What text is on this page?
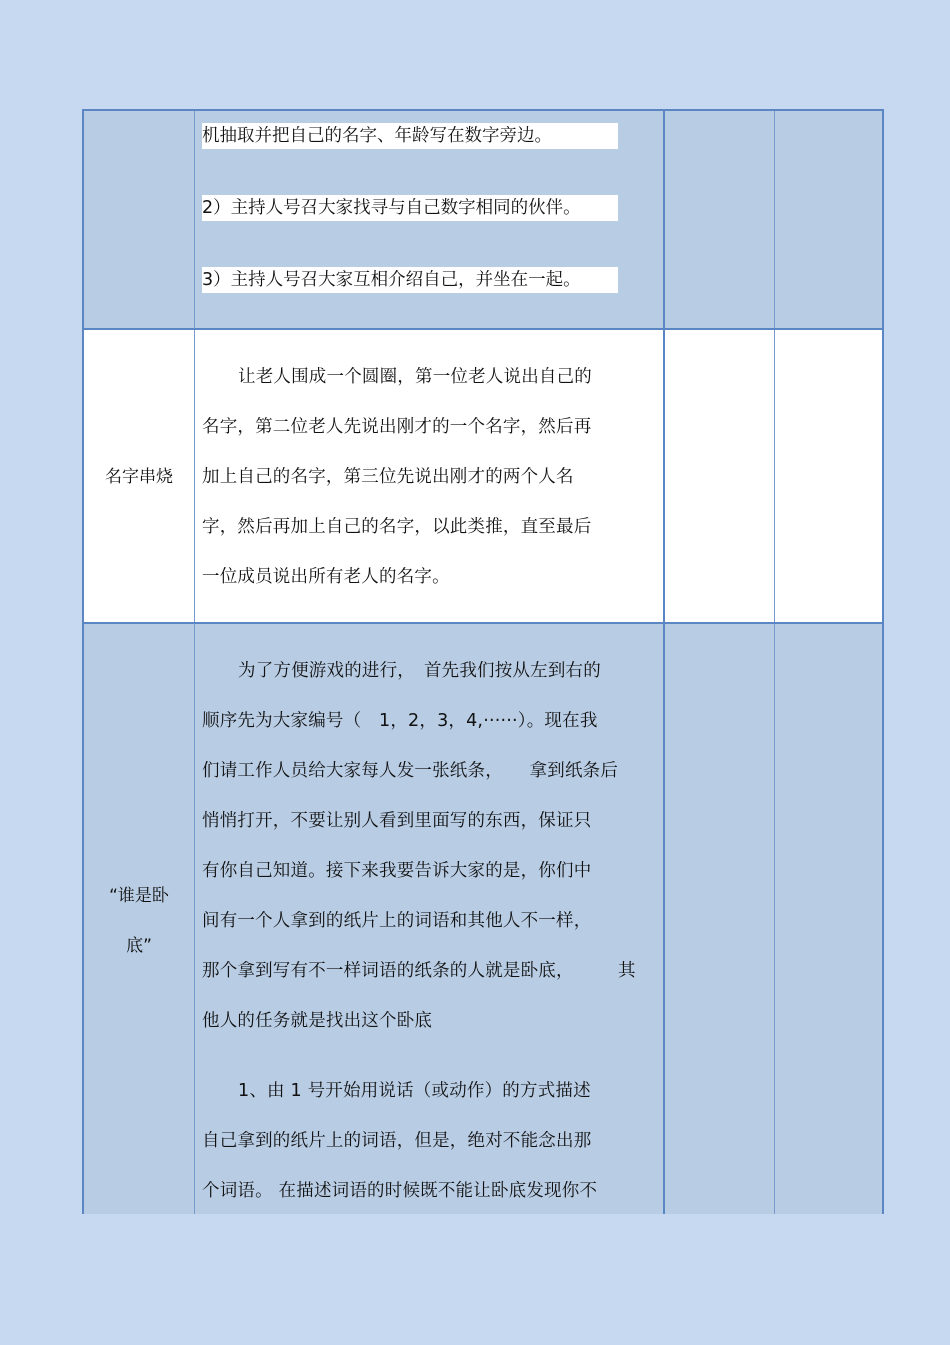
机抽取并把自己的名字、年龄写在数字旁边。
2）主持人号召大家找寻与自己数字相同的伙伴。
3）主持人号召大家互相介绍自己，并坐在一起。
名字串烧

让老人围成一个圆圈，第一位老人说出自己的

名字，第二位老人先说出刚才的一个名字，然后再

加上自己的名字，第三位先说出刚才的两个人名

字，然后再加上自己的名字，以此类推，直至最后

一位成员说出所有老人的名字。

“谁是卧
底”

为了方便游戏的进行，　首先我们按从左到右的

顺序先为大家编号（　1，2，3，4,······）。现在我

们请工作人员给大家每人发一张纸条，　　拿到纸条后

悄悄打开，不要让别人看到里面写的东西，保证只

有你自己知道。接下来我要告诉大家的是，你们中

间有一个人拿到的纸片上的词语和其他人不一样，

那个拿到写有不一样词语的纸条的人就是卧底，　　　其

他人的任务就是找出这个卧底

1、由 1 号开始用说话（或动作）的方式描述

自己拿到的纸片上的词语，但是，绝对不能念出那

个词语。 在描述词语的时候既不能让卧底发现你不
